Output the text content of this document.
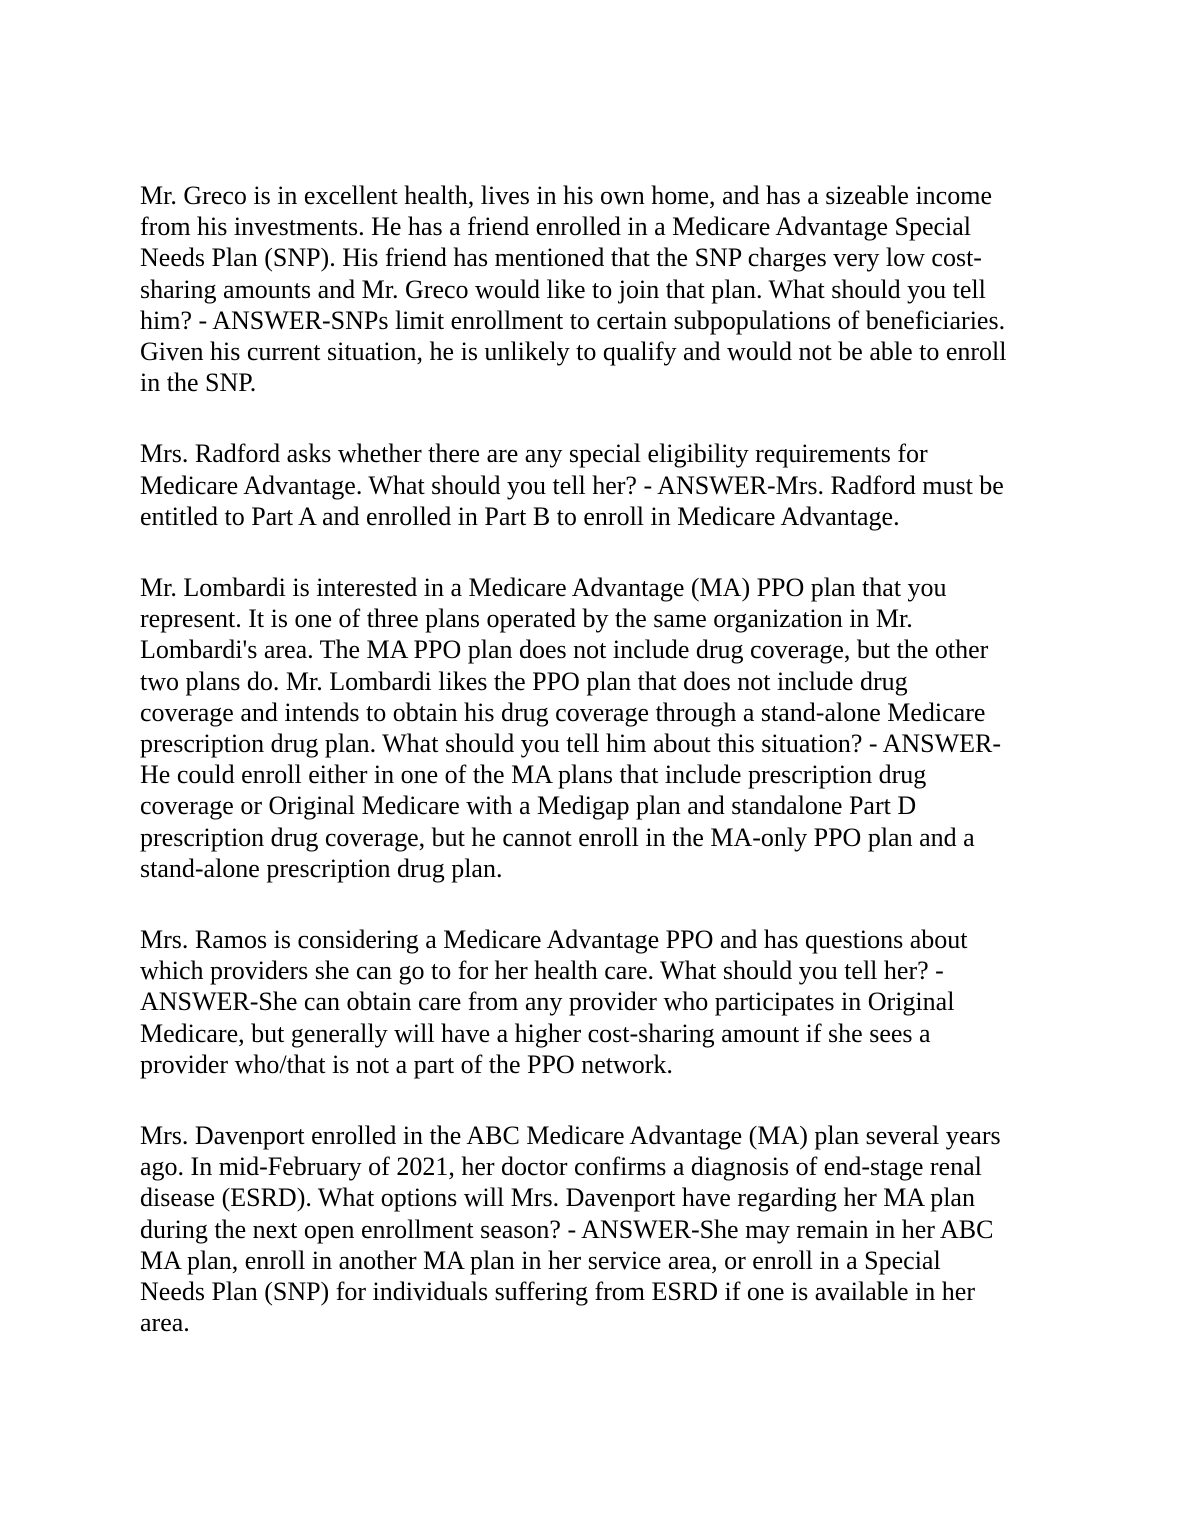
Mr. Greco is in excellent health, lives in his own home, and has a sizeable income
from his investments. He has a friend enrolled in a Medicare Advantage Special
Needs Plan (SNP). His friend has mentioned that the SNP charges very low cost-
sharing amounts and Mr. Greco would like to join that plan. What should you tell
him? - ANSWER-SNPs limit enrollment to certain subpopulations of beneficiaries.
Given his current situation, he is unlikely to qualify and would not be able to enroll
in the SNP.

Mrs. Radford asks whether there are any special eligibility requirements for
Medicare Advantage. What should you tell her? - ANSWER-Mrs. Radford must be
entitled to Part A and enrolled in Part B to enroll in Medicare Advantage.

Mr. Lombardi is interested in a Medicare Advantage (MA) PPO plan that you
represent. It is one of three plans operated by the same organization in Mr.
Lombardi's area. The MA PPO plan does not include drug coverage, but the other
two plans do. Mr. Lombardi likes the PPO plan that does not include drug
coverage and intends to obtain his drug coverage through a stand-alone Medicare
prescription drug plan. What should you tell him about this situation? - ANSWER-
He could enroll either in one of the MA plans that include prescription drug
coverage or Original Medicare with a Medigap plan and standalone Part D
prescription drug coverage, but he cannot enroll in the MA-only PPO plan and a
stand-alone prescription drug plan.

Mrs. Ramos is considering a Medicare Advantage PPO and has questions about
which providers she can go to for her health care. What should you tell her? -
ANSWER-She can obtain care from any provider who participates in Original
Medicare, but generally will have a higher cost-sharing amount if she sees a
provider who/that is not a part of the PPO network.

Mrs. Davenport enrolled in the ABC Medicare Advantage (MA) plan several years
ago. In mid-February of 2021, her doctor confirms a diagnosis of end-stage renal
disease (ESRD). What options will Mrs. Davenport have regarding her MA plan
during the next open enrollment season? - ANSWER-She may remain in her ABC
MA plan, enroll in another MA plan in her service area, or enroll in a Special
Needs Plan (SNP) for individuals suffering from ESRD if one is available in her
area.
